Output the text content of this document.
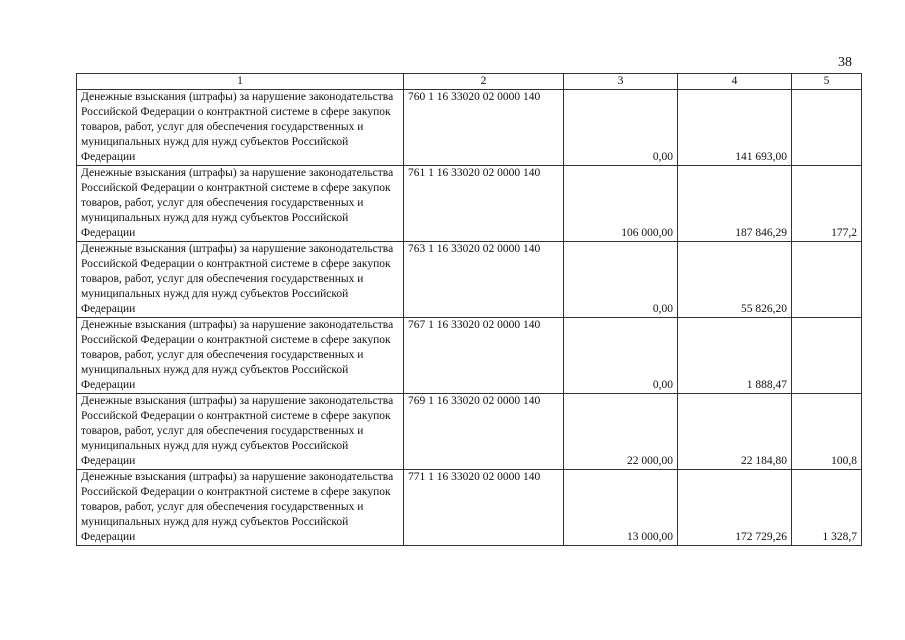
38
1	2	3	4	5
Денежные взыскания (штрафы) за нарушение законодательства Российской Федерации о контрактной системе в сфере закупок товаров, работ, услуг для обеспечения государственных и муниципальных нужд для нужд субъектов Российской Федерации	760 1 16 33020 02 0000 140	0,00	141 693,00	
Денежные взыскания (штрафы) за нарушение законодательства Российской Федерации о контрактной системе в сфере закупок товаров, работ, услуг для обеспечения государственных и муниципальных нужд для нужд субъектов Российской Федерации	761 1 16 33020 02 0000 140	106 000,00	187 846,29	177,2
Денежные взыскания (штрафы) за нарушение законодательства Российской Федерации о контрактной системе в сфере закупок товаров, работ, услуг для обеспечения государственных и муниципальных нужд для нужд субъектов Российской Федерации	763 1 16 33020 02 0000 140	0,00	55 826,20	
Денежные взыскания (штрафы) за нарушение законодательства Российской Федерации о контрактной системе в сфере закупок товаров, работ, услуг для обеспечения государственных и муниципальных нужд для нужд субъектов Российской Федерации	767 1 16 33020 02 0000 140	0,00	1 888,47	
Денежные взыскания (штрафы) за нарушение законодательства Российской Федерации о контрактной системе в сфере закупок товаров, работ, услуг для обеспечения государственных и муниципальных нужд для нужд субъектов Российской Федерации	769 1 16 33020 02 0000 140	22 000,00	22 184,80	100,8
Денежные взыскания (штрафы) за нарушение законодательства Российской Федерации о контрактной системе в сфере закупок товаров, работ, услуг для обеспечения государственных и муниципальных нужд для нужд субъектов Российской Федерации	771 1 16 33020 02 0000 140	13 000,00	172 729,26	1 328,7
